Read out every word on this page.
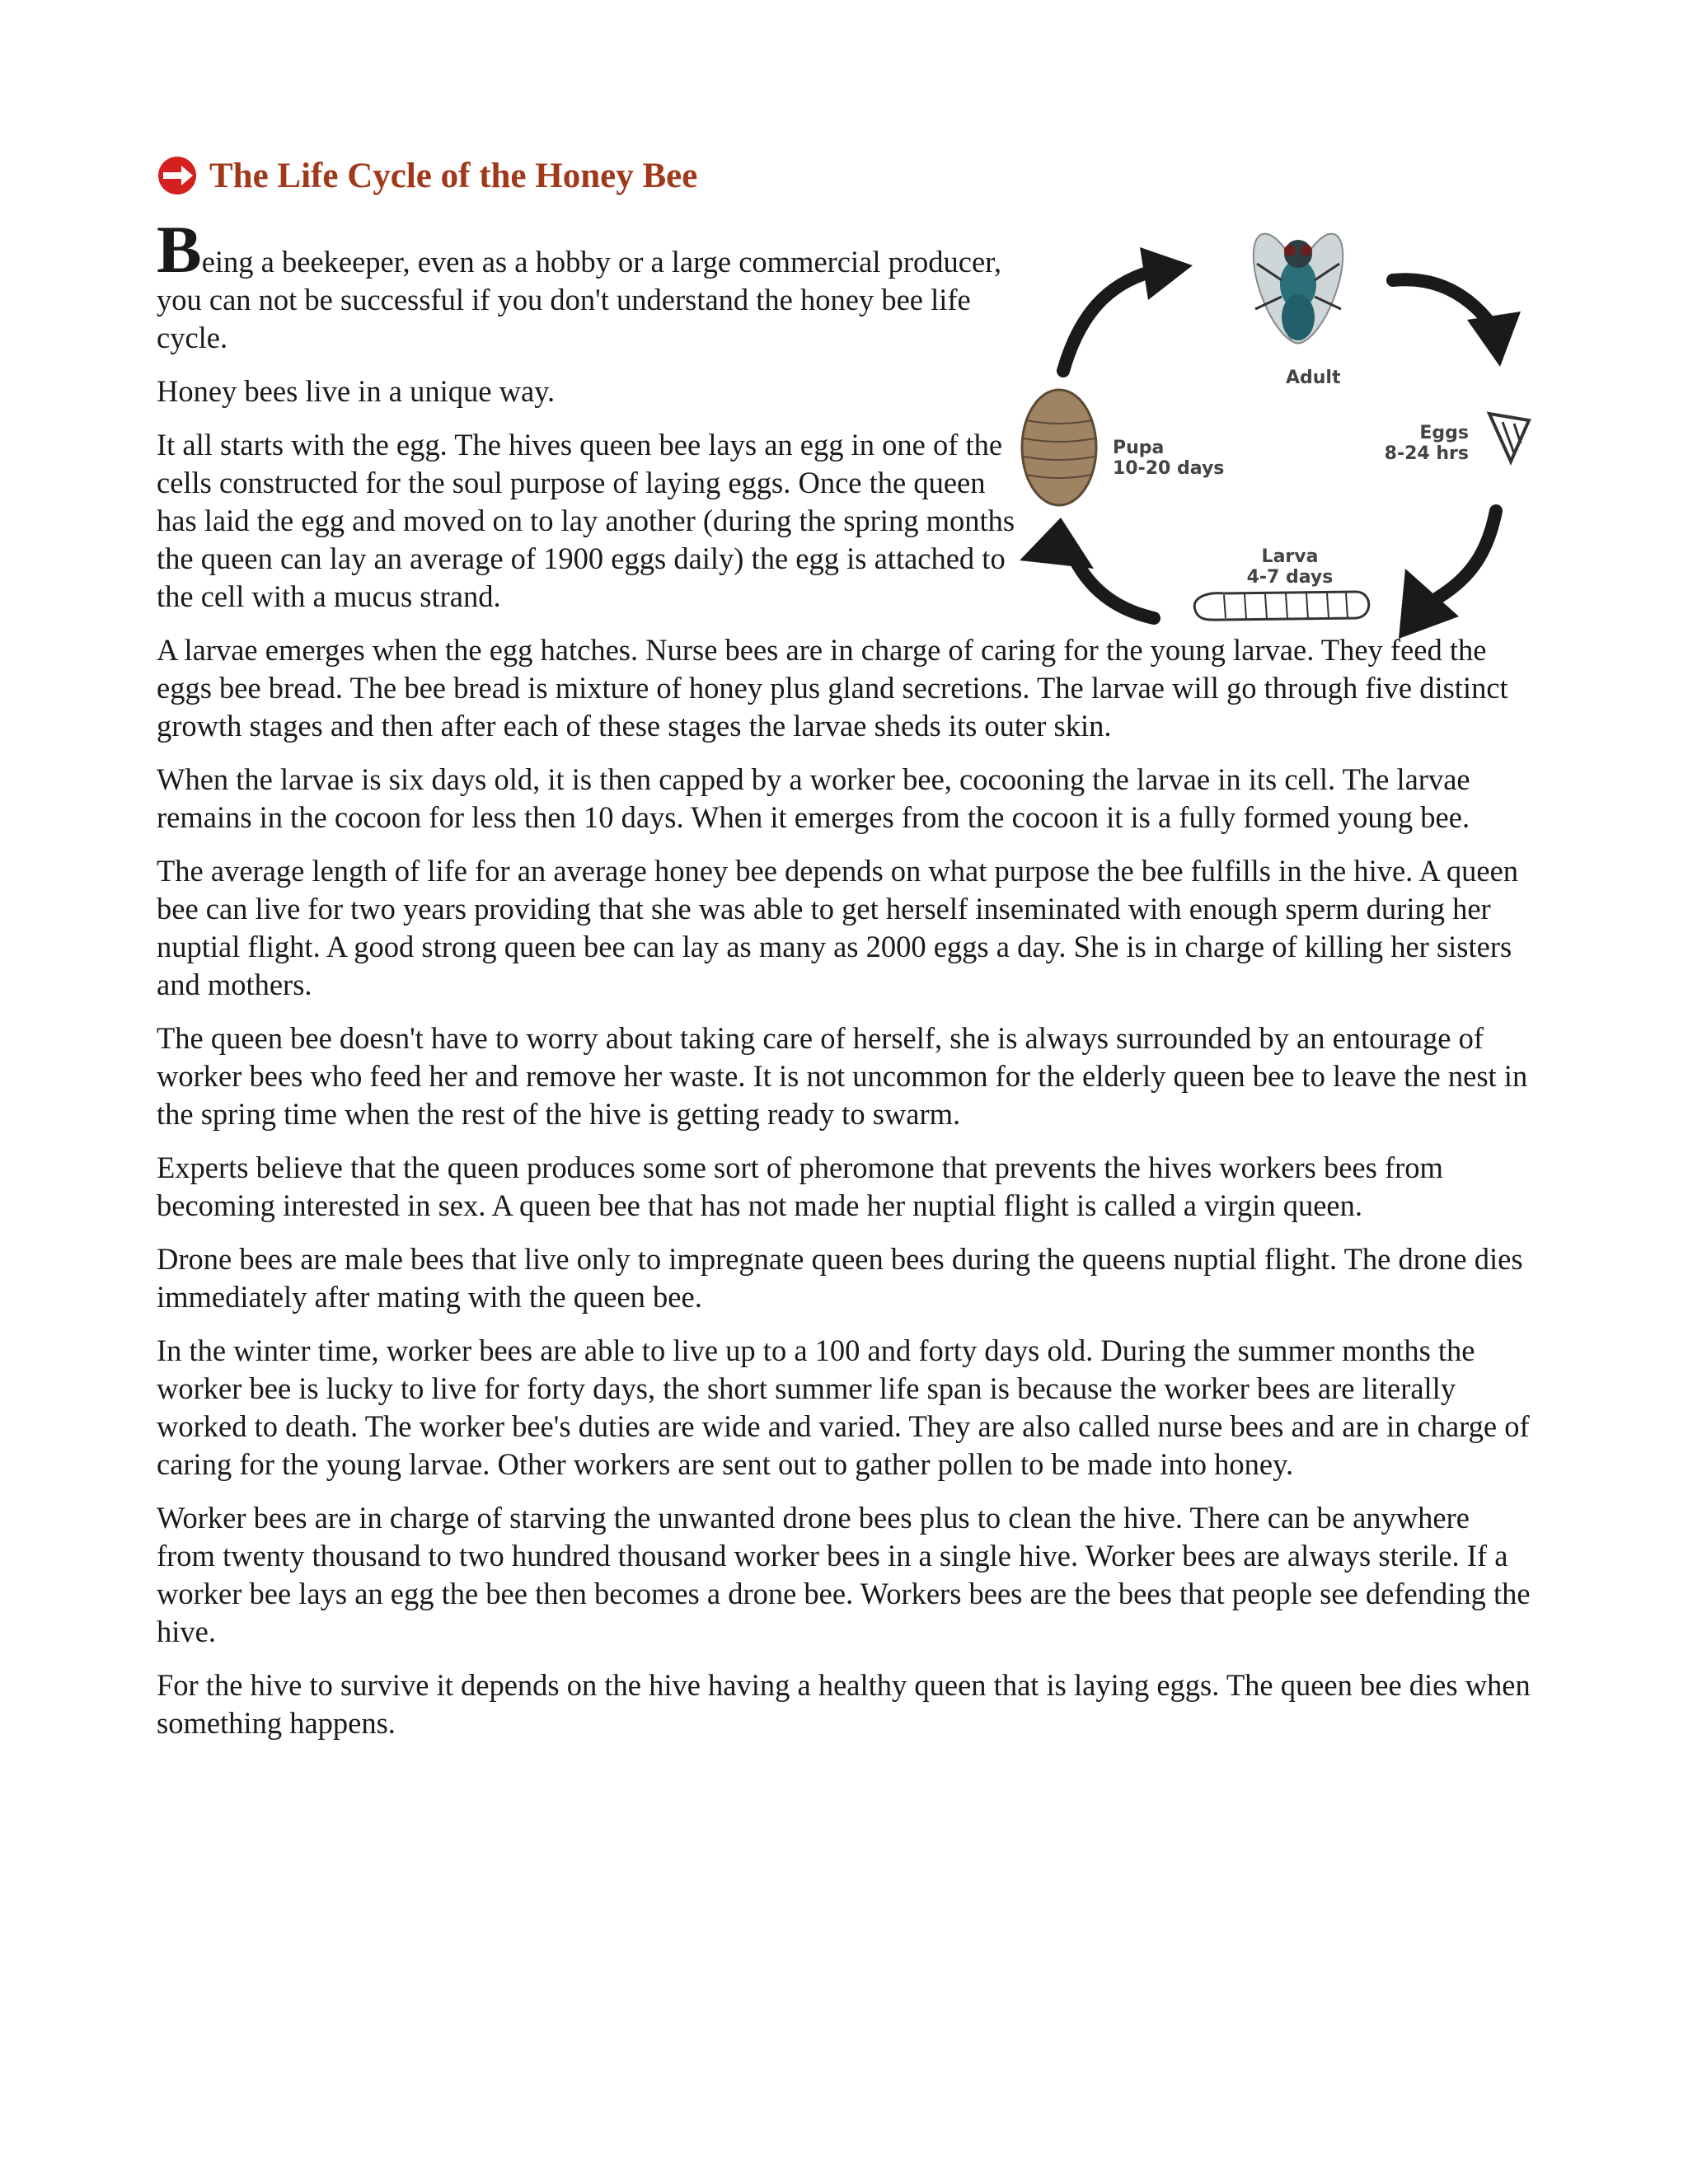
The Life Cycle of the Honey Bee
Adult
Eggs
8-24 hrs
Larva
4-7 days
Pupa
10-20 days

Being a beekeeper, even as a hobby or a large commercial producer, you can not be successful if you don't understand the honey bee life cycle.

Honey bees live in a unique way.

It all starts with the egg. The hives queen bee lays an egg in one of the cells constructed for the soul purpose of laying eggs. Once the queen has laid the egg and moved on to lay another (during the spring months the queen can lay an average of 1900 eggs daily) the egg is attached to the cell with a mucus strand.

A larvae emerges when the egg hatches. Nurse bees are in charge of caring for the young larvae. They feed the eggs bee bread. The bee bread is mixture of honey plus gland secretions. The larvae will go through five distinct growth stages and then after each of these stages the larvae sheds its outer skin.

When the larvae is six days old, it is then capped by a worker bee, cocooning the larvae in its cell. The larvae remains in the cocoon for less then 10 days. When it emerges from the cocoon it is a fully formed young bee.

The average length of life for an average honey bee depends on what purpose the bee fulfills in the hive. A queen bee can live for two years providing that she was able to get herself inseminated with enough sperm during her nuptial flight. A good strong queen bee can lay as many as 2000 eggs a day. She is in charge of killing her sisters and mothers.

The queen bee doesn't have to worry about taking care of herself, she is always surrounded by an entourage of worker bees who feed her and remove her waste. It is not uncommon for the elderly queen bee to leave the nest in the spring time when the rest of the hive is getting ready to swarm.

Experts believe that the queen produces some sort of pheromone that prevents the hives workers bees from becoming interested in sex. A queen bee that has not made her nuptial flight is called a virgin queen.

Drone bees are male bees that live only to impregnate queen bees during the queens nuptial flight. The drone dies immediately after mating with the queen bee.

In the winter time, worker bees are able to live up to a 100 and forty days old. During the summer months the worker bee is lucky to live for forty days, the short summer life span is because the worker bees are literally worked to death. The worker bee's duties are wide and varied. They are also called nurse bees and are in charge of caring for the young larvae. Other workers are sent out to gather pollen to be made into honey.

Worker bees are in charge of starving the unwanted drone bees plus to clean the hive. There can be anywhere from twenty thousand to two hundred thousand worker bees in a single hive. Worker bees are always sterile. If a worker bee lays an egg the bee then becomes a drone bee. Workers bees are the bees that people see defending the hive.

For the hive to survive it depends on the hive having a healthy queen that is laying eggs. The queen bee dies when something happens.
